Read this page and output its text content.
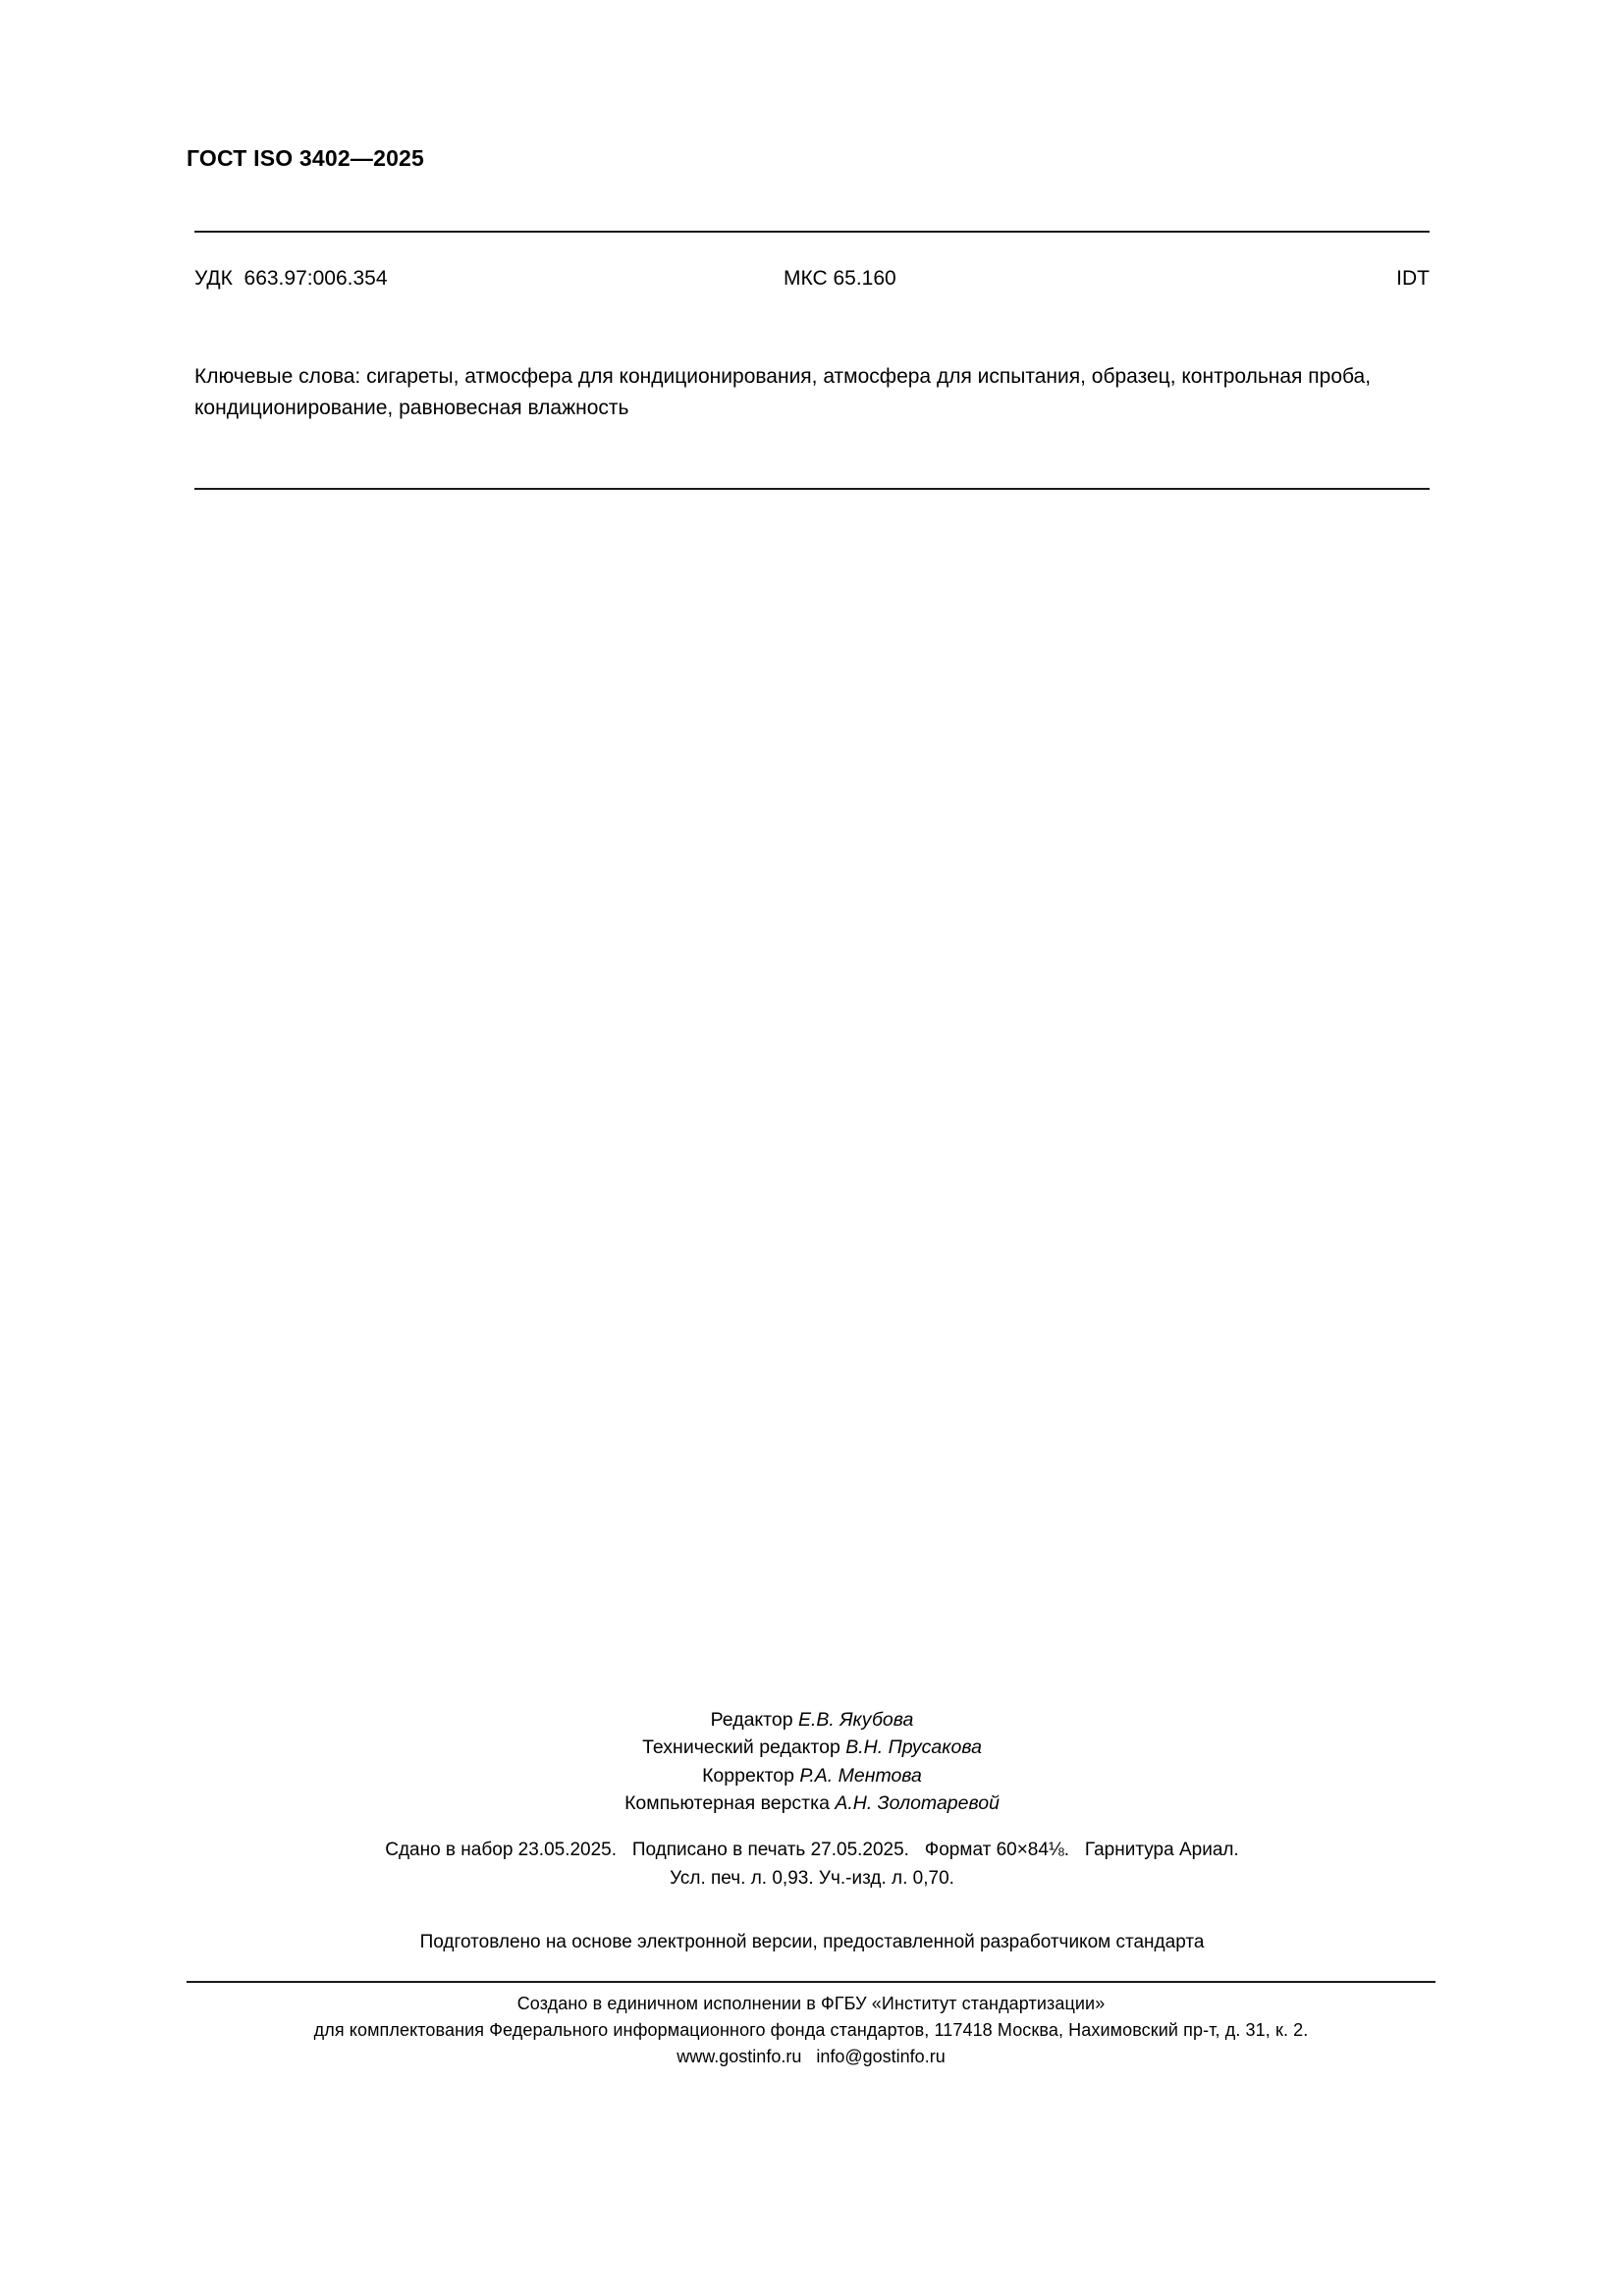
ГОСТ ISO 3402—2025
УДК  663.97:006.354	МКС 65.160	IDT
Ключевые слова: сигареты, атмосфера для кондиционирования, атмосфера для испытания, образец, контрольная проба, кондиционирование, равновесная влажность
Редактор Е.В. Якубова
Технический редактор В.Н. Прусакова
Корректор Р.А. Ментова
Компьютерная верстка А.Н. Золотаревой
Сдано в набор 23.05.2025.   Подписано в печать 27.05.2025.   Формат 60×84⅛.   Гарнитура Ариал.
Усл. печ. л. 0,93. Уч.-изд. л. 0,70.
Подготовлено на основе электронной версии, предоставленной разработчиком стандарта
Создано в единичном исполнении в ФГБУ «Институт стандартизации»
для комплектования Федерального информационного фонда стандартов, 117418 Москва, Нахимовский пр-т, д. 31, к. 2.
www.gostinfo.ru info@gostinfo.ru
